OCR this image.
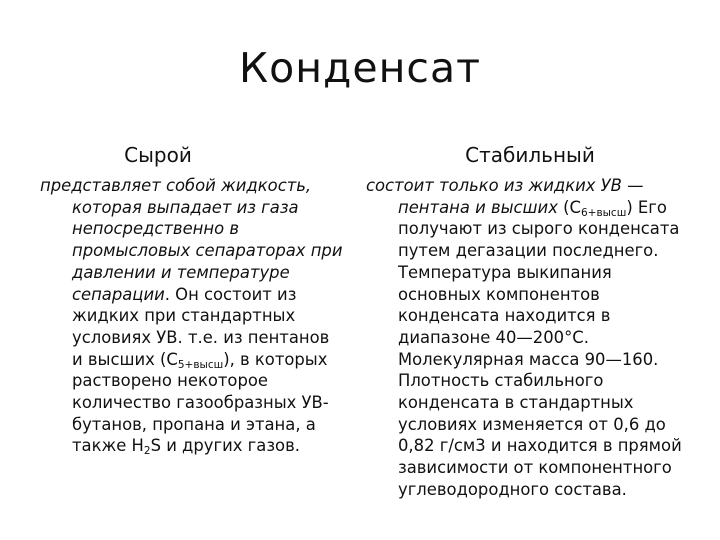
Конденсат
Сырой	Стабильный
представляет собой жидкость, которая выпадает из газа непосредственно в промысловых сепараторах при давлении и температуре сепарации. Он состоит из жидких при стандартных условиях УВ. т.е. из пентанов и высших $(С_{5+высш})$, в которых растворено некоторое количество газообразных УВ-бутанов, пропана и этана, а также $Н_2S$ и других газов.
состоит только из жидких УВ — пентана и высших $(С_{6+высш})$ Его получают из сырого конденсата путем дегазации последнего. Температура выкипания основных компонентов конденсата находится в диапазоне 40—200°С. Молекулярная масса 90—160. Плотность стабильного конденсата в стандартных условиях изменяется от 0,6 до 0,82 г/см3 и находится в прямой зависимости от компонентного углеводородного состава.
